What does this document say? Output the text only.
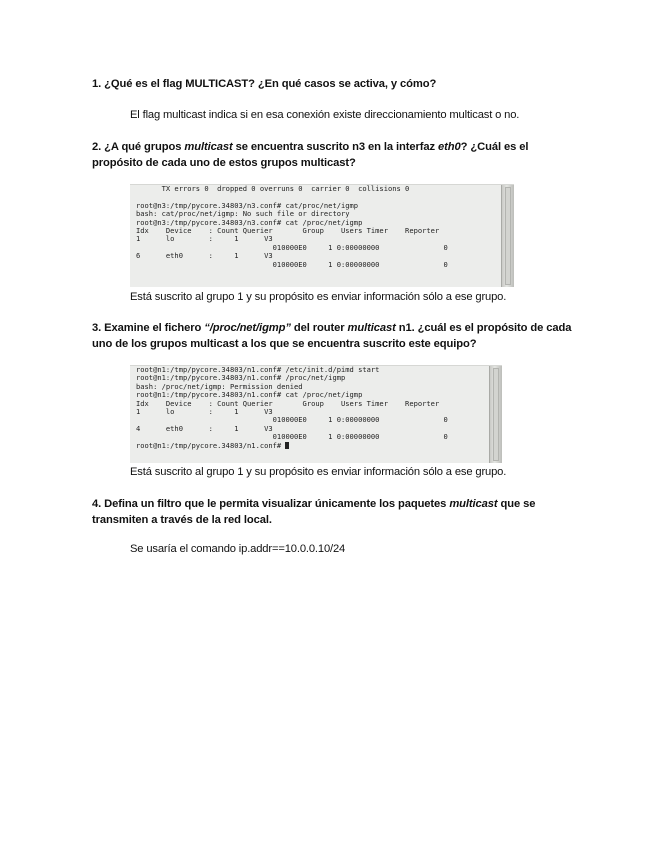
1. ¿Qué es el flag MULTICAST? ¿En qué casos se activa, y cómo?
El flag multicast indica si en esa conexión existe direccionamiento multicast o no.
2. ¿A qué grupos multicast se encuentra suscrito n3 en la interfaz eth0? ¿Cuál es el propósito de cada uno de estos grupos multicast?
TX errors 0  dropped 0 overruns 0  carrier 0  collisions 0

root@n3:/tmp/pycore.34803/n3.conf# cat/proc/net/igmp
bash: cat/proc/net/igmp: No such file or directory
root@n3:/tmp/pycore.34803/n3.conf# cat /proc/net/igmp
Idx    Device    : Count Querier       Group    Users Timer    Reporter
1      lo        :     1      V3
010000E0     1 0:00000000               0
6      eth0      :     1      V3
010000E0     1 0:00000000               0
Está suscrito al grupo 1 y su propósito es enviar información sólo a ese grupo.
3. Examine el fichero “/proc/net/igmp” del router multicast n1. ¿cuál es el propósito de cada uno de los grupos multicast a los que se encuentra suscrito este equipo?
root@n1:/tmp/pycore.34803/n1.conf# /etc/init.d/pimd start
root@n1:/tmp/pycore.34803/n1.conf# /proc/net/igmp
bash: /proc/net/igmp: Permission denied
root@n1:/tmp/pycore.34803/n1.conf# cat /proc/net/igmp
Idx    Device    : Count Querier       Group    Users Timer    Reporter
1      lo        :     1      V3
010000E0     1 0:00000000               0
4      eth0      :     1      V3
010000E0     1 0:00000000               0
root@n1:/tmp/pycore.34803/n1.conf#
Está suscrito al grupo 1 y su propósito es enviar información sólo a ese grupo.
4. Defina un filtro que le permita visualizar únicamente los paquetes multicast que se transmiten a través de la red local.
Se usaría el comando ip.addr==10.0.0.10/24
